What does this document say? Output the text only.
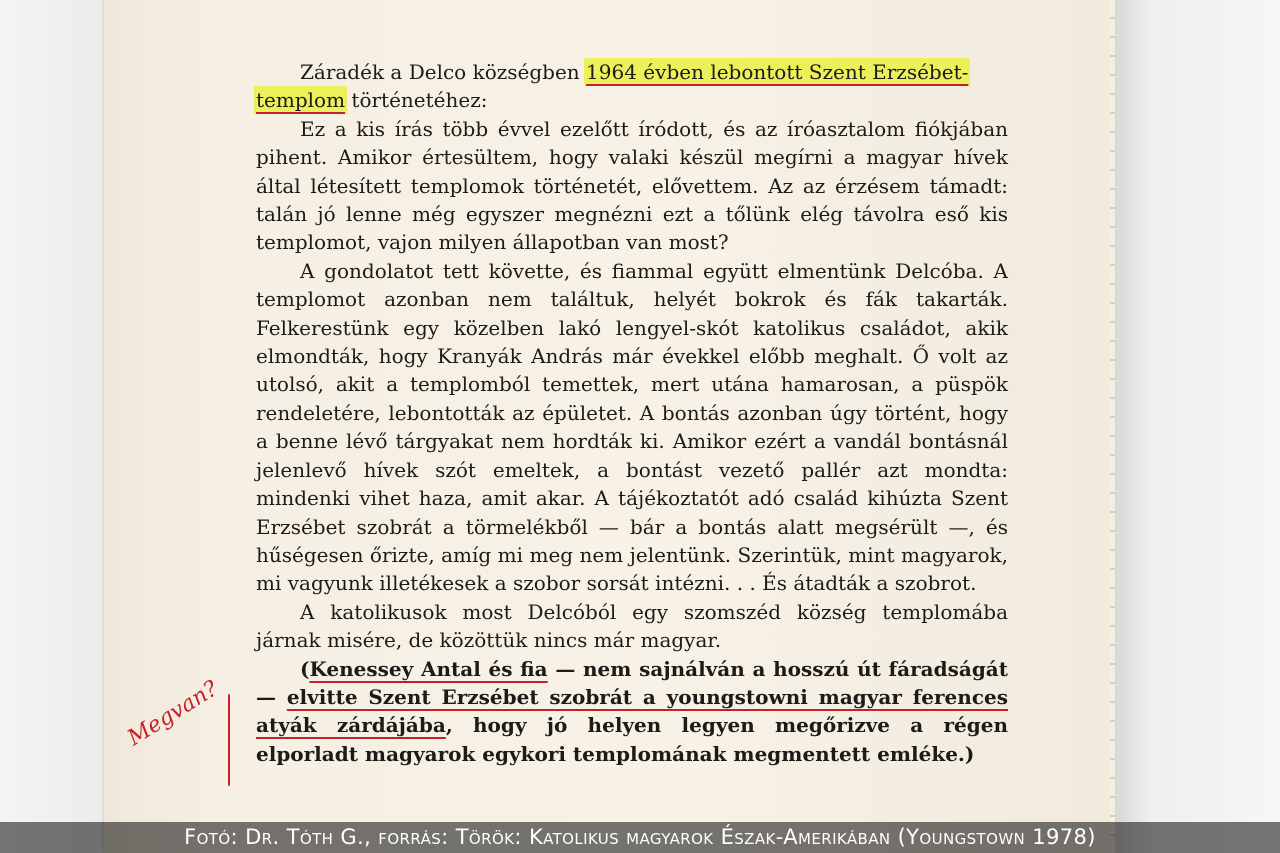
Záradék a Delco községben 1964 évben lebontott Szent Erzsébet-
templom történetéhez:

Ez a kis írás több évvel ezelőtt íródott, és az íróasztalom fiókjában pihent. Amikor értesültem, hogy valaki készül megírni a magyar hívek által létesített templomok történetét, elővettem. Az az érzésem támadt: talán jó lenne még egyszer megnézni ezt a tőlünk elég távolra eső kis templomot, vajon milyen állapotban van most?

A gondolatot tett követte, és fiammal együtt elmentünk Delcóba. A templomot azonban nem találtuk, helyét bokrok és fák takarták. Felkerestünk egy közelben lakó lengyel-skót katolikus családot, akik elmondták, hogy Kranyák András már évekkel előbb meghalt. Ő volt az utolsó, akit a templomból temettek, mert utána hamarosan, a püspök rendeletére, lebontották az épületet. A bontás azonban úgy történt, hogy a benne lévő tárgyakat nem hordták ki. Amikor ezért a vandál bontásnál jelenlevő hívek szót emeltek, a bontást vezető pallér azt mondta: mindenki vihet haza, amit akar. A tájékoztatót adó család kihúzta Szent Erzsébet szobrát a törmelékből — bár a bontás alatt megsérült —, és hűségesen őrizte, amíg mi meg nem jelentünk. Szerintük, mint magyarok, mi vagyunk illetékesek a szobor sorsát intézni. . . És átadták a szobrot.

A katolikusok most Delcóból egy szomszéd község templomába járnak misére, de közöttük nincs már magyar.

(Kenessey Antal és fia — nem sajnálván a hosszú út fáradságát — elvitte Szent Erzsébet szobrát a youngstowni magyar ferences atyák zárdájába, hogy jó helyen legyen megőrizve a régen elporladt magyarok egykori templomának megmentett emléke.)

Megvan?
Fotó: Dr. Tóth G., forrás: Török: Katolikus magyarok Észak-Amerikában (Youngstown 1978)
